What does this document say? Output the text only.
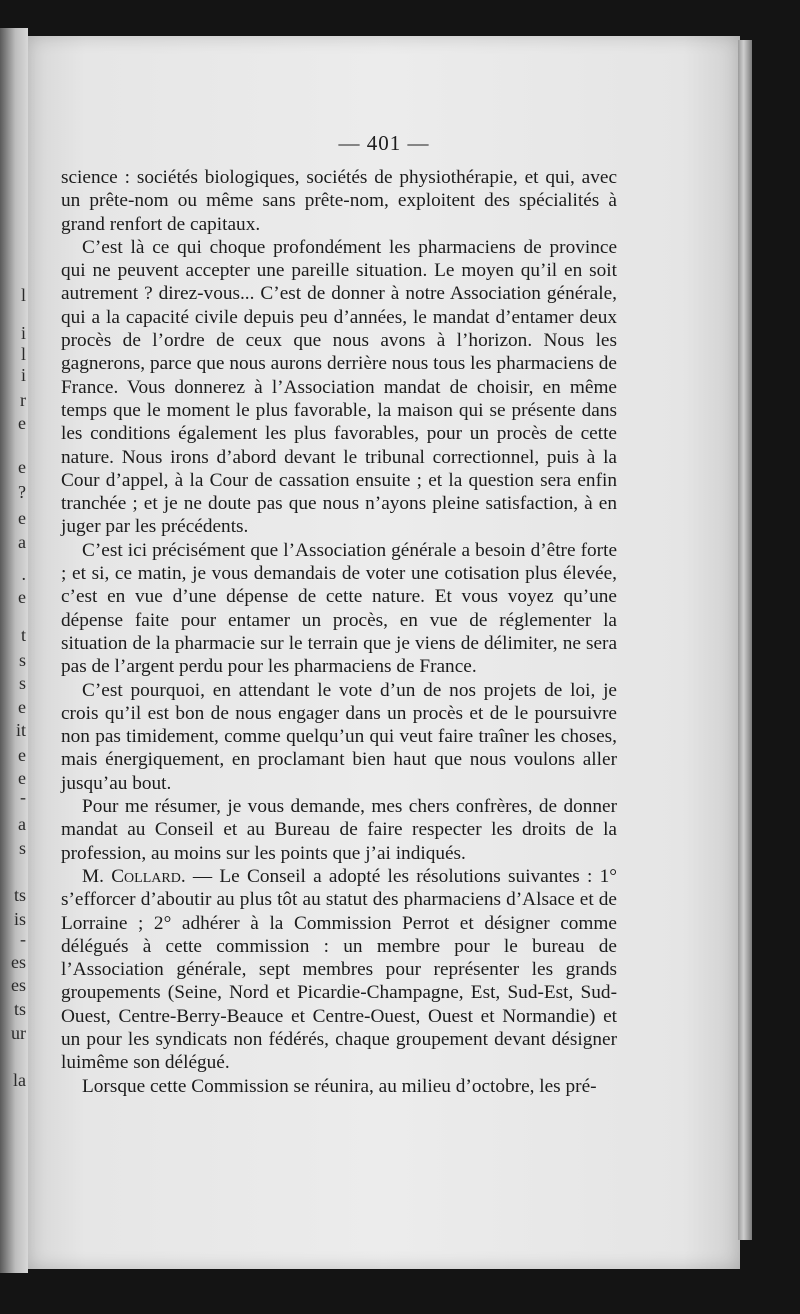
l
i
l
i
r
e
e
?
e
a
.
e
t
s
s
e
it
e
e
-
a
s
ts
is
-
es
es
ts
ur
la
— 401 —

science : sociétés biologiques, sociétés de physiothérapie, et qui, avec un prête-nom ou même sans prête-nom, exploitent des spécialités à grand renfort de capitaux.

C’est là ce qui choque profondément les pharmaciens de province qui ne peuvent accepter une pareille situation. Le moyen qu’il en soit autrement ? direz-vous... C’est de donner à notre Association générale, qui a la capacité civile depuis peu d’années, le mandat d’entamer deux procès de l’ordre de ceux que nous avons à l’horizon. Nous les gagnerons, parce que nous aurons derrière nous tous les pharmaciens de France. Vous donnerez à l’Association mandat de choisir, en même temps que le moment le plus favorable, la maison qui se présente dans les conditions également les plus favorables, pour un procès de cette nature. Nous irons d’abord devant le tribunal correctionnel, puis à la Cour d’appel, à la Cour de cassation ensuite ; et la question sera enfin tranchée ; et je ne doute pas que nous n’ayons pleine satisfaction, à en juger par les précédents.

C’est ici précisément que l’Association générale a besoin d’être forte ; et si, ce matin, je vous demandais de voter une cotisation plus élevée, c’est en vue d’une dépense de cette nature. Et vous voyez qu’une dépense faite pour entamer un procès, en vue de réglementer la situation de la pharmacie sur le terrain que je viens de délimiter, ne sera pas de l’argent perdu pour les pharmaciens de France.

C’est pourquoi, en attendant le vote d’un de nos projets de loi, je crois qu’il est bon de nous engager dans un procès et de le poursuivre non pas timidement, comme quelqu’un qui veut faire traîner les choses, mais énergiquement, en proclamant bien haut que nous voulons aller jusqu’au bout.

Pour me résumer, je vous demande, mes chers confrères, de donner mandat au Conseil et au Bureau de faire respecter les droits de la profession, au moins sur les points que j’ai indiqués.

M. Collard. — Le Conseil a adopté les résolutions suivantes : 1° s’efforcer d’aboutir au plus tôt au statut des pharmaciens d’Alsace et de Lorraine ; 2° adhérer à la Commission Perrot et désigner comme délégués à cette commission : un membre pour le bureau de l’Association générale, sept membres pour représenter les grands groupements (Seine, Nord et Picardie-Champagne, Est, Sud-Est, Sud-Ouest, Centre-Berry-Beauce et Centre-Ouest, Ouest et Normandie) et un pour les syndicats non fédérés, chaque groupement devant désigner luimême son délégué.

Lorsque cette Commission se réunira, au milieu d’octobre, les pré-
